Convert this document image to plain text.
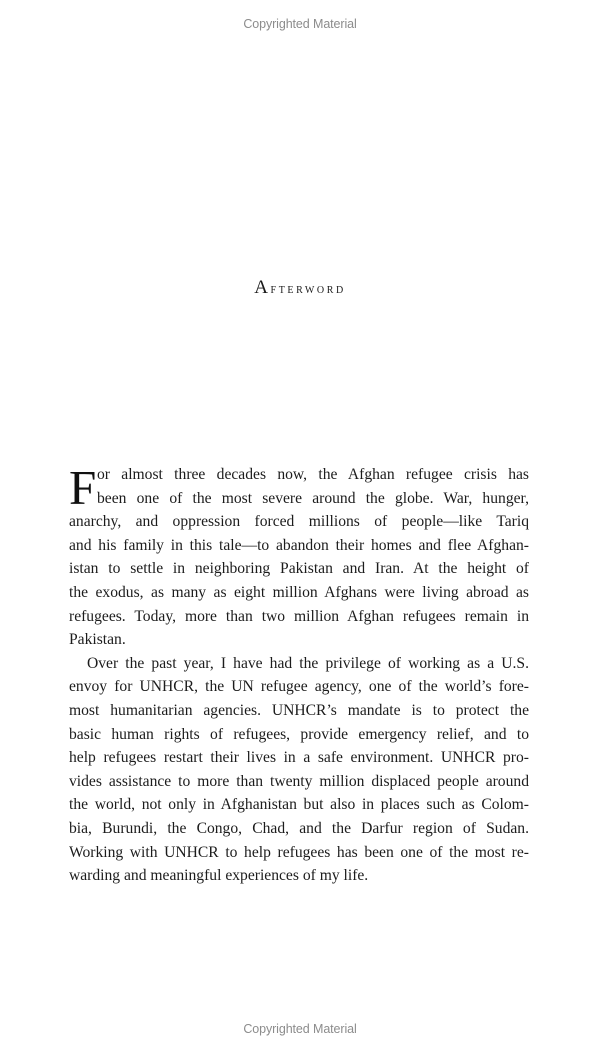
Copyrighted Material
Afterword
F or almost three decades now, the Afghan refugee crisis has
been one of the most severe around the globe. War, hunger,
anarchy, and oppression forced millions of people—like Tariq
and his family in this tale—to abandon their homes and flee Afghan-
istan to settle in neighboring Pakistan and Iran. At the height of
the exodus, as many as eight million Afghans were living abroad as
refugees. Today, more than two million Afghan refugees remain in
Pakistan.
Over the past year, I have had the privilege of working as a U.S.
envoy for UNHCR, the UN refugee agency, one of the world’s fore-
most humanitarian agencies. UNHCR’s mandate is to protect the
basic human rights of refugees, provide emergency relief, and to
help refugees restart their lives in a safe environment. UNHCR pro-
vides assistance to more than twenty million displaced people around
the world, not only in Afghanistan but also in places such as Colom-
bia, Burundi, the Congo, Chad, and the Darfur region of Sudan.
Working with UNHCR to help refugees has been one of the most re-
warding and meaningful experiences of my life.
Copyrighted Material
